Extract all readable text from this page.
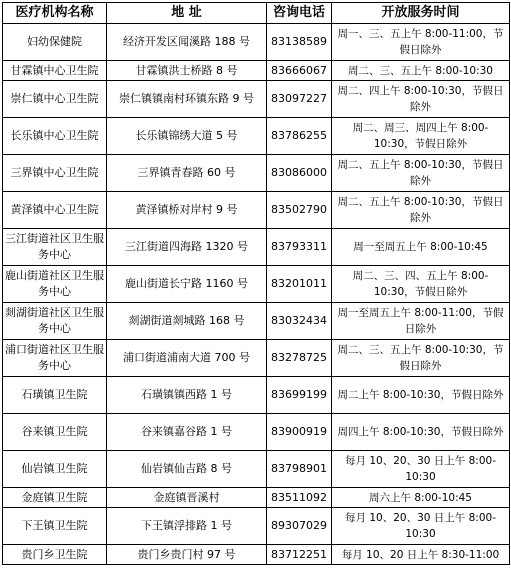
医疗机构名称	地 址	咨询电话	开放服务时间
妇幼保健院	经济开发区闻溪路 188 号	83138589	周一、三、五上午 8:00-11:00，节假日除外
甘霖镇中心卫生院	甘霖镇洪士桥路 8 号	83666067	周二、三、五上午 8:00-10:30
崇仁镇中心卫生院	崇仁镇镇南村环镇东路 9 号	83097227	周二、四上午 8:00-10:30，节假日除外
长乐镇中心卫生院	长乐镇锦绣大道 5 号	83786255	周二、周三、周四上午 8:00-10:30，节假日除外
三界镇中心卫生院	三界镇青春路 60 号	83086000	周二、五上午 8:00-10:30，节假日除外
黄泽镇中心卫生院	黄泽镇桥对岸村 9 号	83502790	周二、五上午 8:00-10:30，节假日除外
三江街道社区卫生服务中心	三江街道四海路 1320 号	83793311	周一至周五上午 8:00-10:45
鹿山街道社区卫生服务中心	鹿山街道长宁路 1160 号	83201011	周二、三、四、五上午 8:00-10:30，节假日除外
剡湖街道社区卫生服务中心	剡湖街道剡城路 168 号	83032434	周一至周五上午 8:00-11:00，节假日除外
浦口街道社区卫生服务中心	浦口街道浦南大道 700 号	83278725	周二、三、五上午 8:00-10:30，节假日除外
石璜镇卫生院	石璜镇镇西路 1 号	83699199	周二上午 8:00-10:30，节假日除外
谷来镇卫生院	谷来镇嘉谷路 1 号	83900919	周四上午 8:00-10:30，节假日除外
仙岩镇卫生院	仙岩镇仙吉路 8 号	83798901	每月 10、20、30 日上午 8:00-10:30
金庭镇卫生院	金庭镇晋溪村	83511092	周六上午 8:00-10:45
下王镇卫生院	下王镇浮排路 1 号	89307029	每月 10、20、30 日上午 8:00-10:30
贵门乡卫生院	贵门乡贵门村 97 号	83712251	每月 10、20 日上午 8:30-11:00
